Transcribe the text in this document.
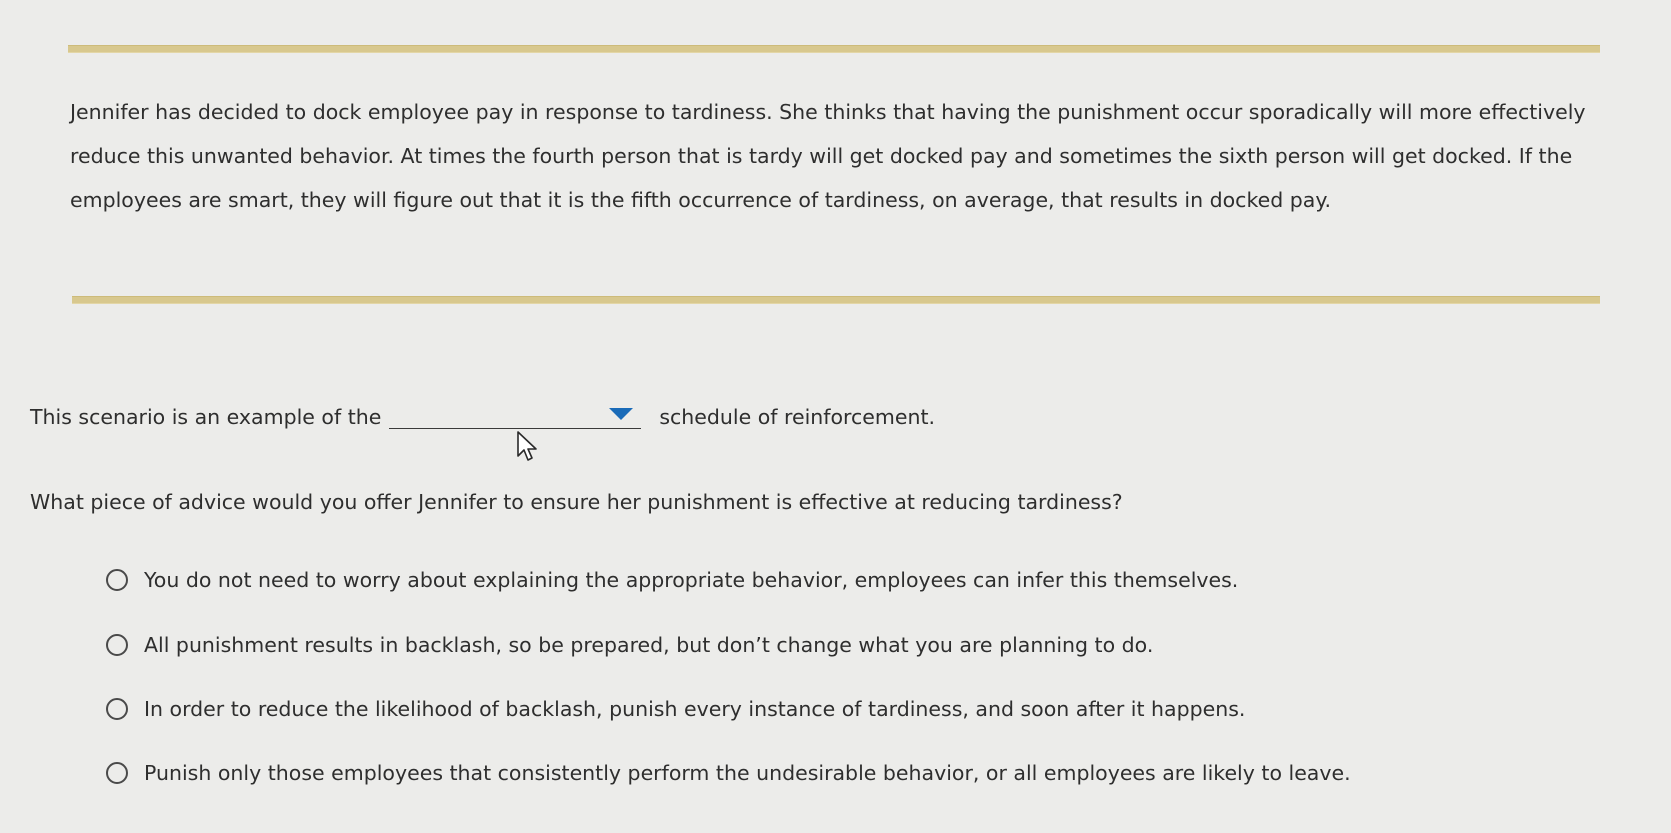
Jennifer has decided to dock employee pay in response to tardiness. She thinks that having the punishment occur sporadically will more effectively reduce this unwanted behavior. At times the fourth person that is tardy will get docked pay and sometimes the sixth person will get docked. If the employees are smart, they will figure out that it is the fifth occurrence of tardiness, on average, that results in docked pay.
This scenario is an example of the	schedule of reinforcement.
What piece of advice would you offer Jennifer to ensure her punishment is effective at reducing tardiness?
You do not need to worry about explaining the appropriate behavior, employees can infer this themselves.
All punishment results in backlash, so be prepared, but don’t change what you are planning to do.
In order to reduce the likelihood of backlash, punish every instance of tardiness, and soon after it happens.
Punish only those employees that consistently perform the undesirable behavior, or all employees are likely to leave.
